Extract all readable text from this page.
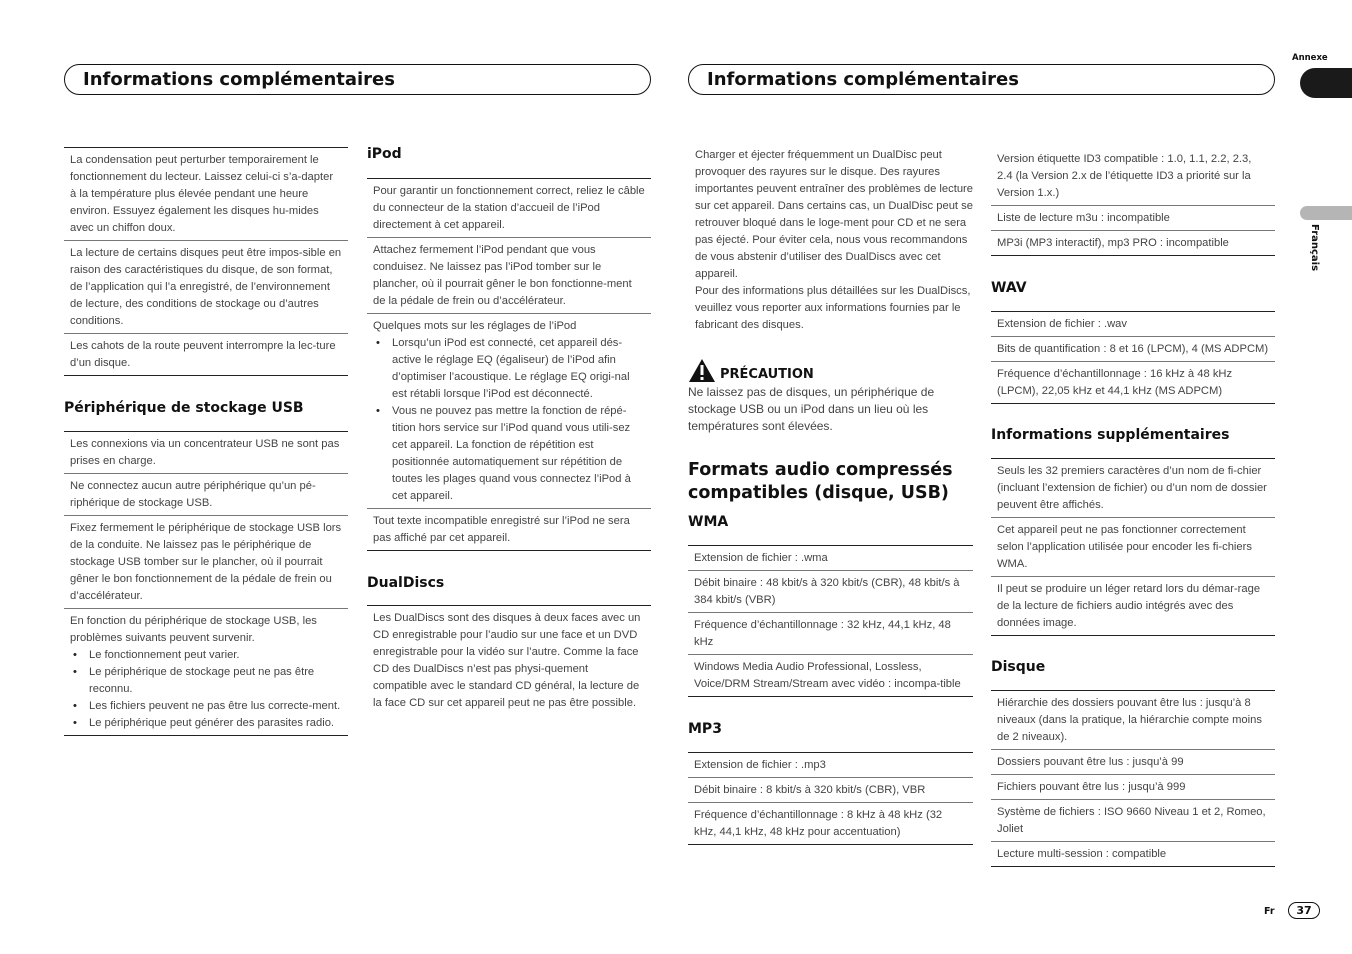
Informations complémentaires	Informations complémentaires
Annexe
Français
La condensation peut perturber temporairement le fonctionnement du lecteur. Laissez celui-ci s’a-dapter à la température plus élevée pendant une heure environ. Essuyez également les disques hu-mides avec un chiffon doux.
La lecture de certains disques peut être impos-sible en raison des caractéristiques du disque, de son format, de l’application qui l’a enregistré, de l’environnement de lecture, des conditions de stockage ou d’autres conditions.
Les cahots de la route peuvent interrompre la lec-ture d’un disque.
Périphérique de stockage USB
Les connexions via un concentrateur USB ne sont pas prises en charge.
Ne connectez aucun autre périphérique qu’un pé-riphérique de stockage USB.
Fixez fermement le périphérique de stockage USB lors de la conduite. Ne laissez pas le périphérique de stockage USB tomber sur le plancher, où il pourrait gêner le bon fonctionnement de la pédale de frein ou d’accélérateur.
En fonction du périphérique de stockage USB, les problèmes suivants peuvent survenir.
• Le fonctionnement peut varier.
• Le périphérique de stockage peut ne pas être reconnu.
• Les fichiers peuvent ne pas être lus correcte-ment.
• Le périphérique peut générer des parasites radio.
iPod
Pour garantir un fonctionnement correct, reliez le câble du connecteur de la station d’accueil de l’iPod directement à cet appareil.
Attachez fermement l’iPod pendant que vous conduisez. Ne laissez pas l’iPod tomber sur le plancher, où il pourrait gêner le bon fonctionne-ment de la pédale de frein ou d’accélérateur.
Quelques mots sur les réglages de l’iPod
• Lorsqu’un iPod est connecté, cet appareil dés-active le réglage EQ (égaliseur) de l’iPod afin d’optimiser l’acoustique. Le réglage EQ origi-nal est rétabli lorsque l’iPod est déconnecté.
• Vous ne pouvez pas mettre la fonction de répé-tition hors service sur l’iPod quand vous utili-sez cet appareil. La fonction de répétition est positionnée automatiquement sur répétition de toutes les plages quand vous connectez l’iPod à cet appareil.
Tout texte incompatible enregistré sur l’iPod ne sera pas affiché par cet appareil.
DualDiscs
Les DualDiscs sont des disques à deux faces avec un CD enregistrable pour l’audio sur une face et un DVD enregistrable pour la vidéo sur l’autre. Comme la face CD des DualDiscs n’est pas physi-quement compatible avec le standard CD général, la lecture de la face CD sur cet appareil peut ne pas être possible.
Charger et éjecter fréquemment un DualDisc peut provoquer des rayures sur le disque. Des rayures importantes peuvent entraîner des problèmes de lecture sur cet appareil. Dans certains cas, un DualDisc peut se retrouver bloqué dans le loge-ment pour CD et ne sera pas éjecté. Pour éviter cela, nous vous recommandons de vous abstenir d’utiliser des DualDiscs avec cet appareil.
Pour des informations plus détaillées sur les DualDiscs, veuillez vous reporter aux informations fournies par le fabricant des disques.
PRÉCAUTION
Ne laissez pas de disques, un périphérique de stockage USB ou un iPod dans un lieu où les températures sont élevées.
Formats audio compressés compatibles (disque, USB)
WMA
Extension de fichier : .wma
Débit binaire : 48 kbit/s à 320 kbit/s (CBR), 48 kbit/s à 384 kbit/s (VBR)
Fréquence d’échantillonnage : 32 kHz, 44,1 kHz, 48 kHz
Windows Media Audio Professional, Lossless, Voice/DRM Stream/Stream avec vidéo : incompa-tible
MP3
Extension de fichier : .mp3
Débit binaire : 8 kbit/s à 320 kbit/s (CBR), VBR
Fréquence d’échantillonnage : 8 kHz à 48 kHz (32 kHz, 44,1 kHz, 48 kHz pour accentuation)
Version étiquette ID3 compatible : 1.0, 1.1, 2.2, 2.3, 2.4 (la Version 2.x de l’étiquette ID3 a priorité sur la Version 1.x.)
Liste de lecture m3u : incompatible
MP3i (MP3 interactif), mp3 PRO : incompatible
WAV
Extension de fichier : .wav
Bits de quantification : 8 et 16 (LPCM), 4 (MS ADPCM)
Fréquence d’échantillonnage : 16 kHz à 48 kHz (LPCM), 22,05 kHz et 44,1 kHz (MS ADPCM)
Informations supplémentaires
Seuls les 32 premiers caractères d’un nom de fi-chier (incluant l’extension de fichier) ou d’un nom de dossier peuvent être affichés.
Cet appareil peut ne pas fonctionner correctement selon l’application utilisée pour encoder les fi-chiers WMA.
Il peut se produire un léger retard lors du démar-rage de la lecture de fichiers audio intégrés avec des données image.
Disque
Hiérarchie des dossiers pouvant être lus : jusqu’à 8 niveaux (dans la pratique, la hiérarchie compte moins de 2 niveaux).
Dossiers pouvant être lus : jusqu’à 99
Fichiers pouvant être lus : jusqu’à 999
Système de fichiers : ISO 9660 Niveau 1 et 2, Romeo, Joliet
Lecture multi-session : compatible
Fr	37
